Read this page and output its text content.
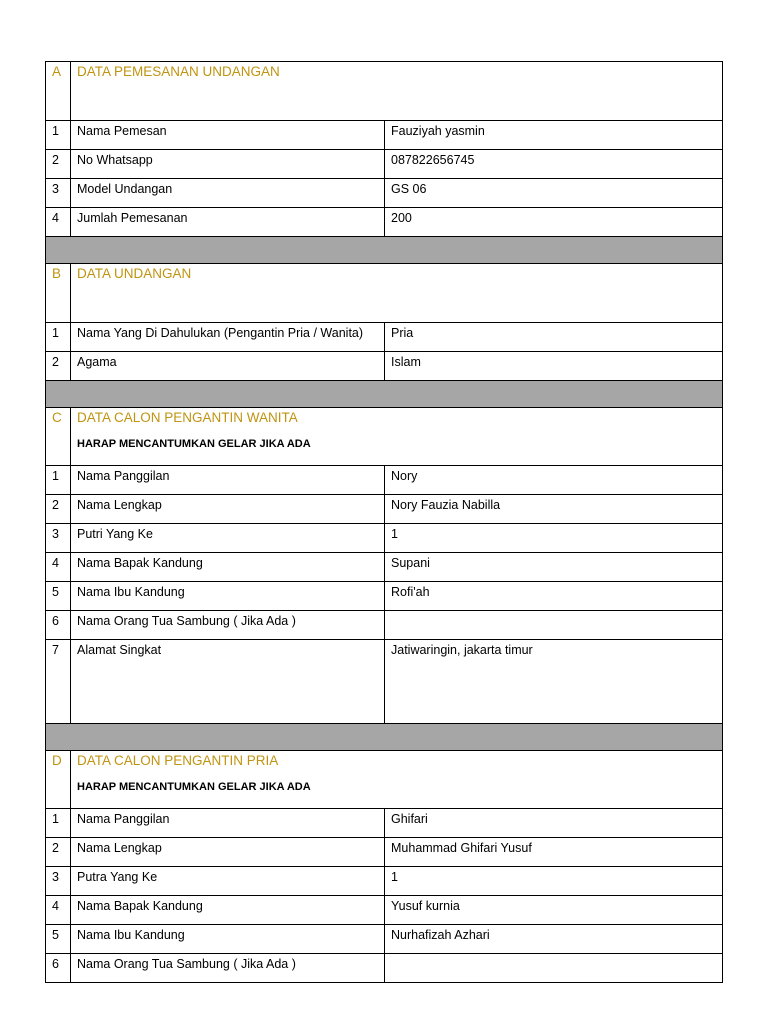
A	DATA PEMESANAN UNDANGAN	
1	Nama Pemesan	Fauziyah yasmin
2	No Whatsapp	087822656745
3	Model Undangan	GS 06
4	Jumlah Pemesanan	200

B	DATA UNDANGAN	
1	Nama Yang Di Dahulukan (Pengantin Pria / Wanita)	Pria
2	Agama	Islam

C	DATA CALON PENGANTIN WANITA
HARAP MENCANTUMKAN GELAR JIKA ADA	

1	Nama Panggilan	Nory
2	Nama Lengkap	Nory Fauzia Nabilla
3	Putri Yang Ke	1
4	Nama Bapak Kandung	Supani
5	Nama Ibu Kandung	Rofi'ah
6	Nama Orang Tua Sambung ( Jika Ada )	
7	Alamat Singkat	Jatiwaringin, jakarta timur

D	DATA CALON PENGANTIN PRIA
HARAP MENCANTUMKAN GELAR JIKA ADA	

1	Nama Panggilan	Ghifari
2	Nama Lengkap	Muhammad Ghifari Yusuf
3	Putra Yang Ke	1
4	Nama Bapak Kandung	Yusuf kurnia
5	Nama Ibu Kandung	Nurhafizah Azhari
6	Nama Orang Tua Sambung ( Jika Ada )	
